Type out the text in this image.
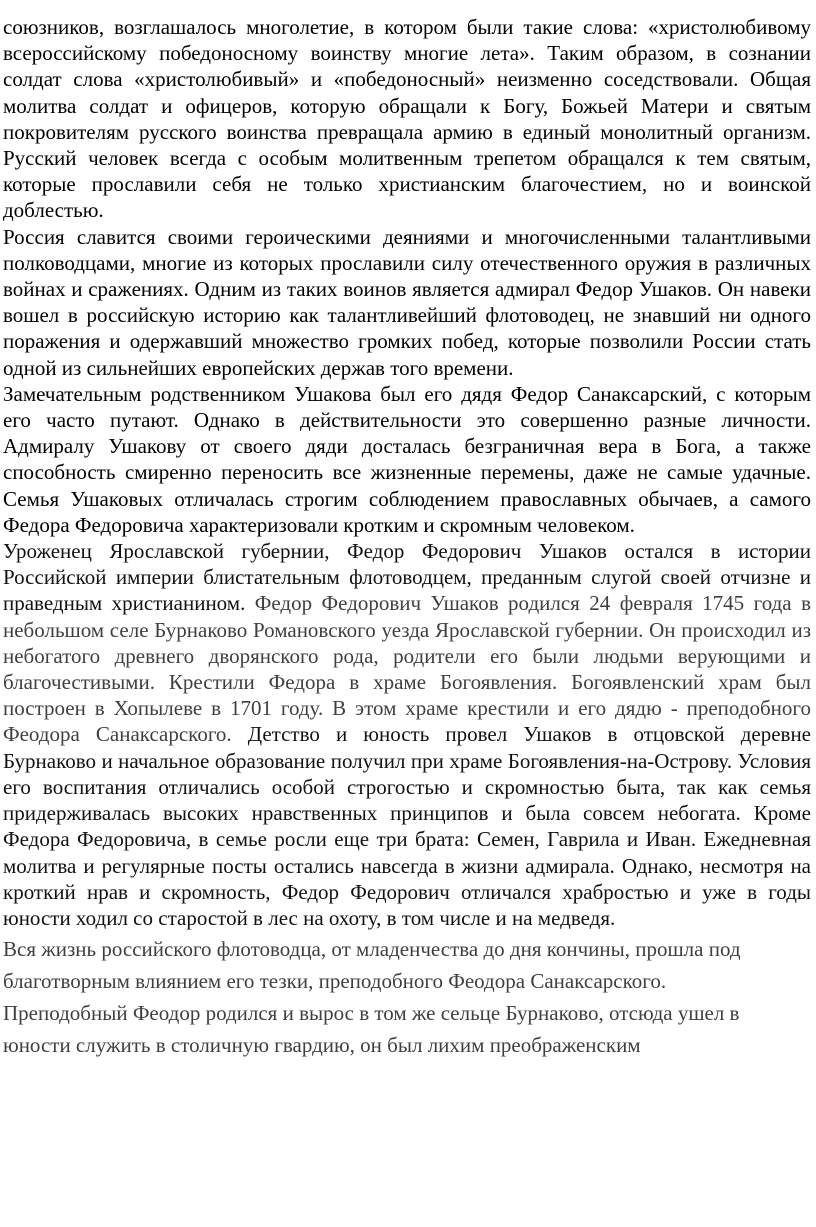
союзников, возглашалось многолетие, в котором были такие слова: «христолюбивому всероссийскому победоносному воинству многие лета». Таким образом, в сознании солдат слова «христолюбивый» и «победоносный» неизменно соседствовали. Общая молитва солдат и офицеров, которую обращали к Богу, Божьей Матери и святым покровителям русского воинства превращала армию в единый монолитный организм. Русский человек всегда с особым молитвенным трепетом обращался к тем святым, которые прославили себя не только христианским благочестием, но и воинской доблестью.

Россия славится своими героическими деяниями и многочисленными талантливыми полководцами, многие из которых прославили силу отечественного оружия в различных войнах и сражениях. Одним из таких воинов является адмирал Федор Ушаков. Он навеки вошел в российскую историю как талантливейший флотоводец, не знавший ни одного поражения и одержавший множество громких побед, которые позволили России стать одной из сильнейших европейских держав того времени.

Замечательным родственником Ушакова был его дядя Федор Санаксарский, с которым его часто путают. Однако в действительности это совершенно разные личности. Адмиралу Ушакову от своего дяди досталась безграничная вера в Бога, а также способность смиренно переносить все жизненные перемены, даже не самые удачные. Семья Ушаковых отличалась строгим соблюдением православных обычаев, а самого Федора Федоровича характеризовали кротким и скромным человеком.

Уроженец Ярославской губернии, Федор Федорович Ушаков остался в истории Российской империи блистательным флотоводцем, преданным слугой своей отчизне и праведным христианином. Федор Федорович Ушаков родился 24 февраля 1745 года в небольшом селе Бурнаково Романовского уезда Ярославской губернии. Он происходил из небогатого древнего дворянского рода, родители его были людьми верующими и благочестивыми. Крестили Федора в храме Богоявления. Богоявленский храм был построен в Хопылеве в 1701 году. В этом храме крестили и его дядю - преподобного Феодора Санаксарского. Детство и юность провел Ушаков в отцовской деревне Бурнаково и начальное образование получил при храме Богоявления-на-Острову. Условия его воспитания отличались особой строгостью и скромностью быта, так как семья придерживалась высоких нравственных принципов и была совсем небогата. Кроме Федора Федоровича, в семье росли еще три брата: Семен, Гаврила и Иван. Ежедневная молитва и регулярные посты остались навсегда в жизни адмирала. Однако, несмотря на кроткий нрав и скромность, Федор Федорович отличался храбростью и уже в годы юности ходил со старостой в лес на охоту, в том числе и на медведя.

Вся жизнь российского флотоводца, от младенчества до дня кончины, прошла под благотворным влиянием его тезки, преподобного Феодора Санаксарского.

Преподобный Феодор родился и вырос в том же сельце Бурнаково, отсюда ушел в юности служить в столичную гвардию, он был лихим преображенским
